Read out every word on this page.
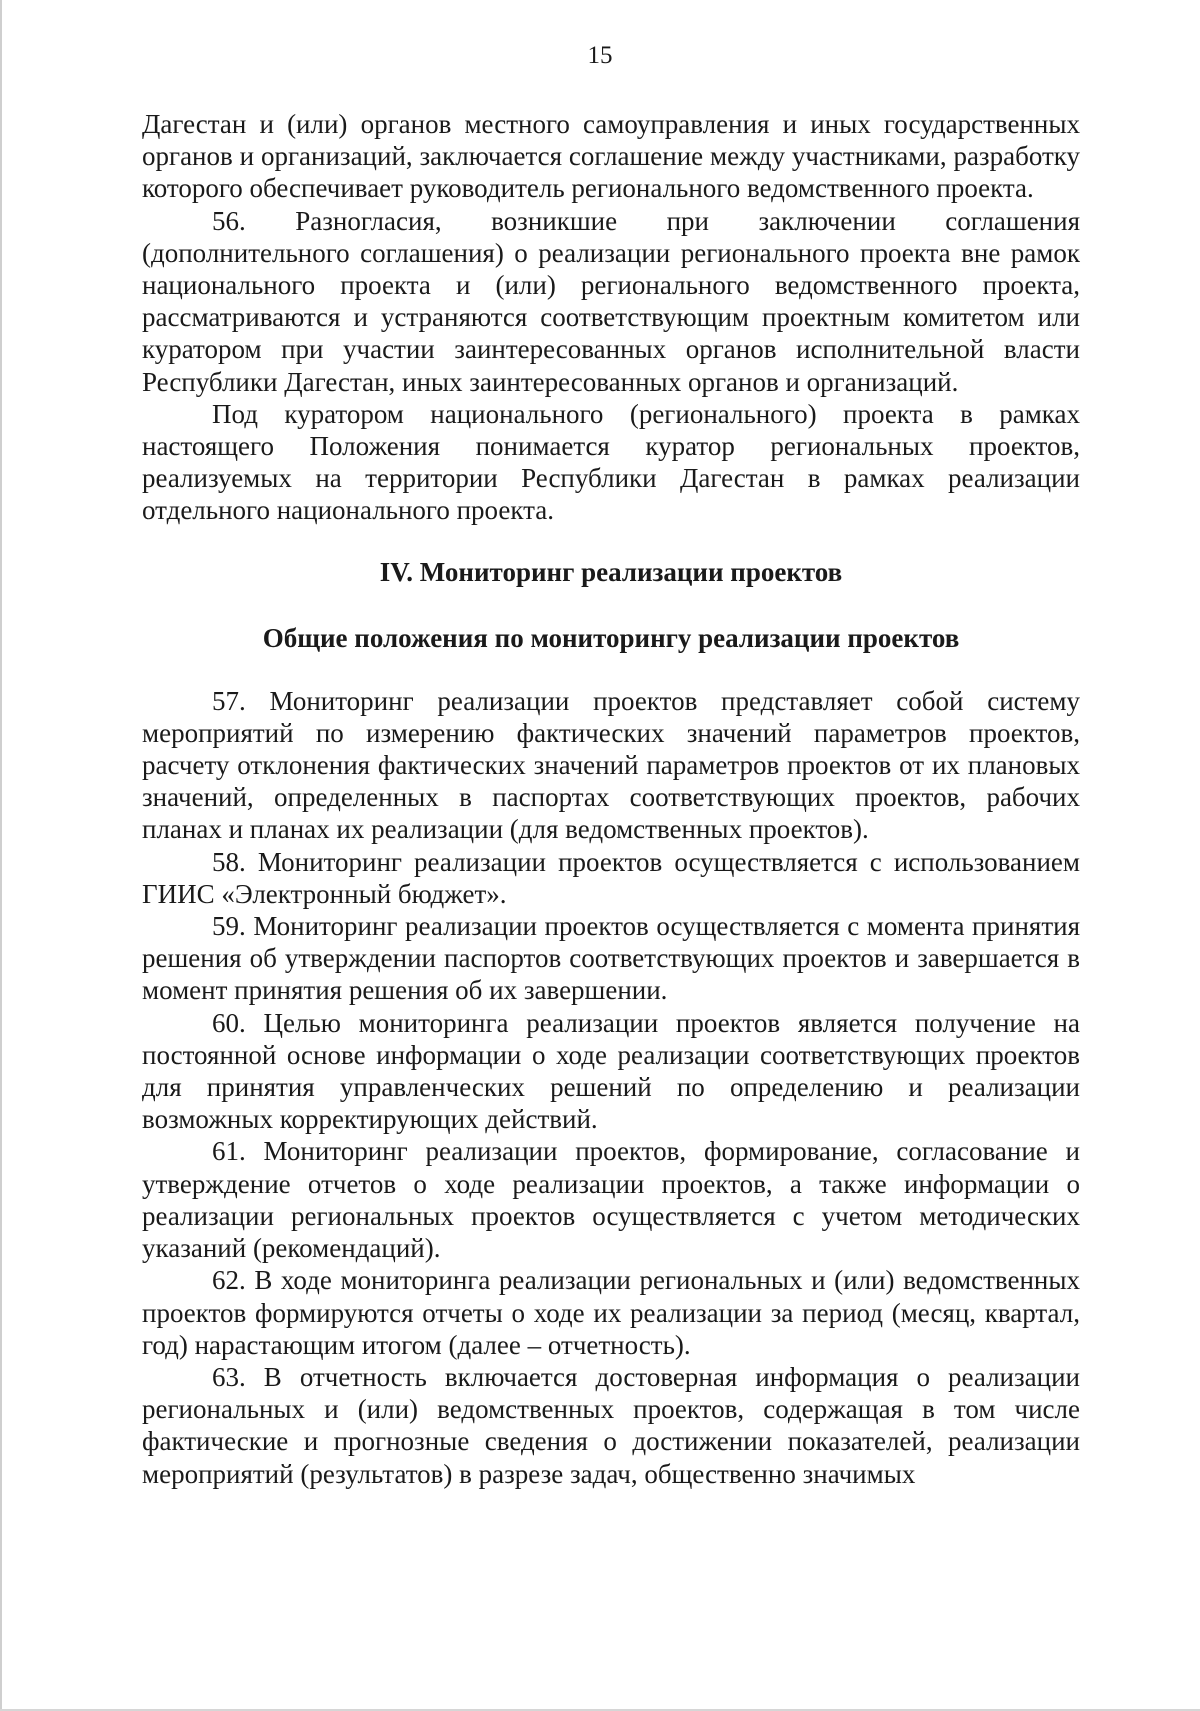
15

Дагестан и (или) органов местного самоуправления и иных государственных органов и организаций, заключается соглашение между участниками, разработку которого обеспечивает руководитель регионального ведомственного проекта.

56. Разногласия, возникшие при заключении соглашения (дополнительного соглашения) о реализации регионального проекта вне рамок национального проекта и (или) регионального ведомственного проекта, рассматриваются и устраняются соответствующим проектным комитетом или куратором при участии заинтересованных органов исполнительной власти Республики Дагестан, иных заинтересованных органов и организаций.

Под куратором национального (регионального) проекта в рамках настоящего Положения понимается куратор региональных проектов, реализуемых на территории Республики Дагестан в рамках реализации отдельного национального проекта.

IV. Мониторинг реализации проектов
Общие положения по мониторингу реализации проектов

57. Мониторинг реализации проектов представляет собой систему мероприятий по измерению фактических значений параметров проектов, расчету отклонения фактических значений параметров проектов от их плановых значений, определенных в паспортах соответствующих проектов, рабочих планах и планах их реализации (для ведомственных проектов).

58. Мониторинг реализации проектов осуществляется с использованием ГИИС «Электронный бюджет».

59. Мониторинг реализации проектов осуществляется с момента принятия решения об утверждении паспортов соответствующих проектов и завершается в момент принятия решения об их завершении.

60. Целью мониторинга реализации проектов является получение на постоянной основе информации о ходе реализации соответствующих проектов для принятия управленческих решений по определению и реализации возможных корректирующих действий.

61. Мониторинг реализации проектов, формирование, согласование и утверждение отчетов о ходе реализации проектов, а также информации о реализации региональных проектов осуществляется с учетом методических указаний (рекомендаций).

62. В ходе мониторинга реализации региональных и (или) ведомственных проектов формируются отчеты о ходе их реализации за период (месяц, квартал, год) нарастающим итогом (далее – отчетность).

63. В отчетность включается достоверная информация о реализации региональных и (или) ведомственных проектов, содержащая в том числе фактические и прогнозные сведения о достижении показателей, реализации мероприятий (результатов) в разрезе задач, общественно значимых
